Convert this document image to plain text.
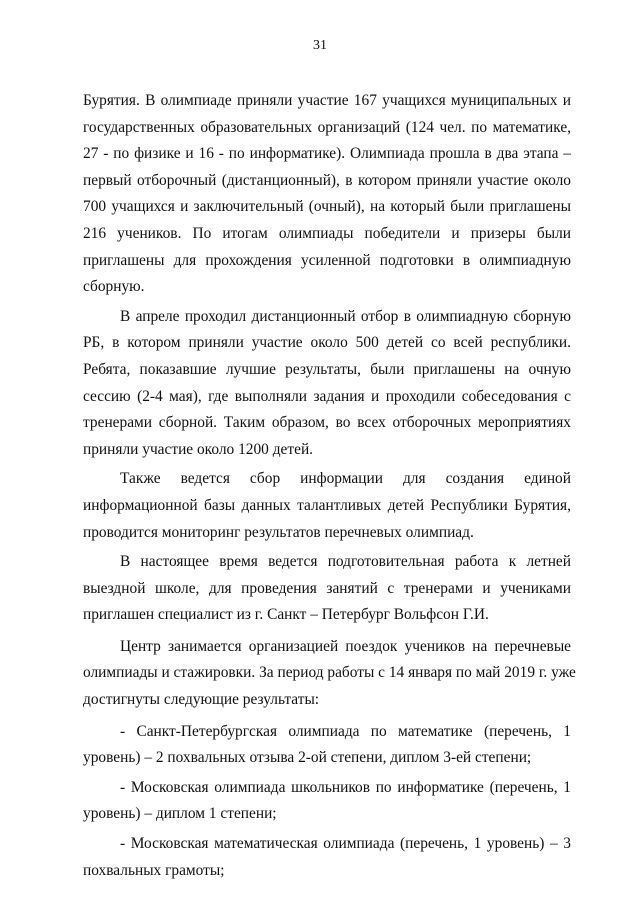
31
Бурятия. В олимпиаде приняли участие 167 учащихся муниципальных и
государственных образовательных организаций (124 чел. по математике,
27 - по физике и 16 - по информатике). Олимпиада прошла в два этапа –
первый отборочный (дистанционный), в котором приняли участие около
700 учащихся и заключительный (очный), на который были приглашены
216 учеников. По итогам олимпиады победители и призеры были
приглашены для прохождения усиленной подготовки в олимпиадную
сборную.
В апреле проходил дистанционный отбор в олимпиадную сборную
РБ, в котором приняли участие около 500 детей со всей республики.
Ребята, показавшие лучшие результаты, были приглашены на очную
сессию (2-4 мая), где выполняли задания и проходили собеседования с
тренерами сборной. Таким образом, во всех отборочных мероприятиях
приняли участие около 1200 детей.
Также ведется сбор информации для создания единой
информационной базы данных талантливых детей Республики Бурятия,
проводится мониторинг результатов перечневых олимпиад.
В настоящее время ведется подготовительная работа к летней
выездной школе, для проведения занятий с тренерами и учениками
приглашен специалист из г. Санкт – Петербург Вольфсон Г.И.
Центр занимается организацией поездок учеников на перечневые
олимпиады и стажировки. За период работы с 14 января по май 2019 г. уже
достигнуты следующие результаты:
- Санкт-Петербургская олимпиада по математике (перечень, 1
уровень) – 2 похвальных отзыва 2-ой степени, диплом 3-ей степени;
- Московская олимпиада школьников по информатике (перечень, 1
уровень) – диплом 1 степени;
- Московская математическая олимпиада (перечень, 1 уровень) – 3
похвальных грамоты;
